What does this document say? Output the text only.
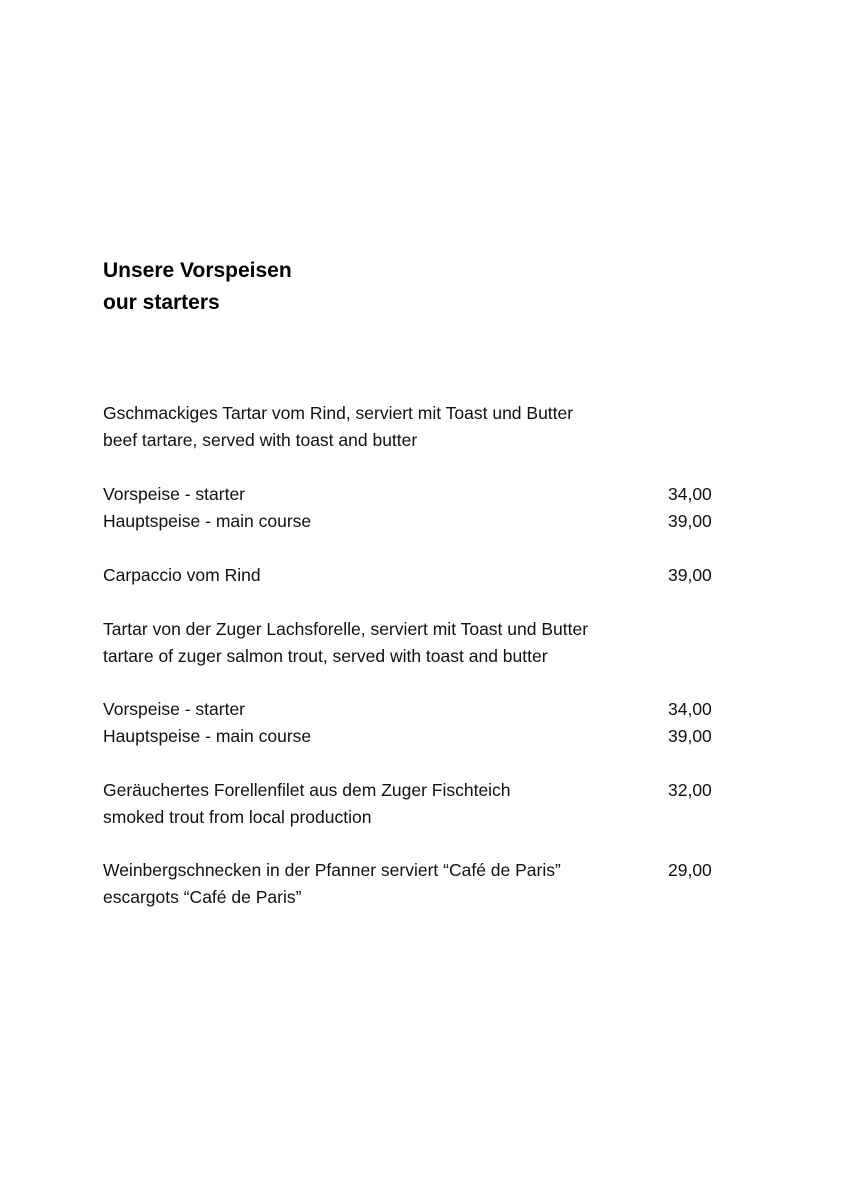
Unsere Vorspeisen
our starters
Gschmackiges Tartar vom Rind, serviert mit Toast und Butter
beef tartare, served with toast and butter
Vorspeise - starter	34,00
Hauptspeise - main course	39,00
Carpaccio vom Rind	39,00
Tartar von der Zuger Lachsforelle, serviert mit Toast und Butter
tartare of zuger salmon trout, served with toast and butter
Vorspeise - starter	34,00
Hauptspeise - main course	39,00
Geräuchertes Forellenfilet aus dem Zuger Fischteich	32,00
smoked trout from local production
Weinbergschnecken in der Pfanner serviert “Café de Paris”	29,00
escargots “Café de Paris”
